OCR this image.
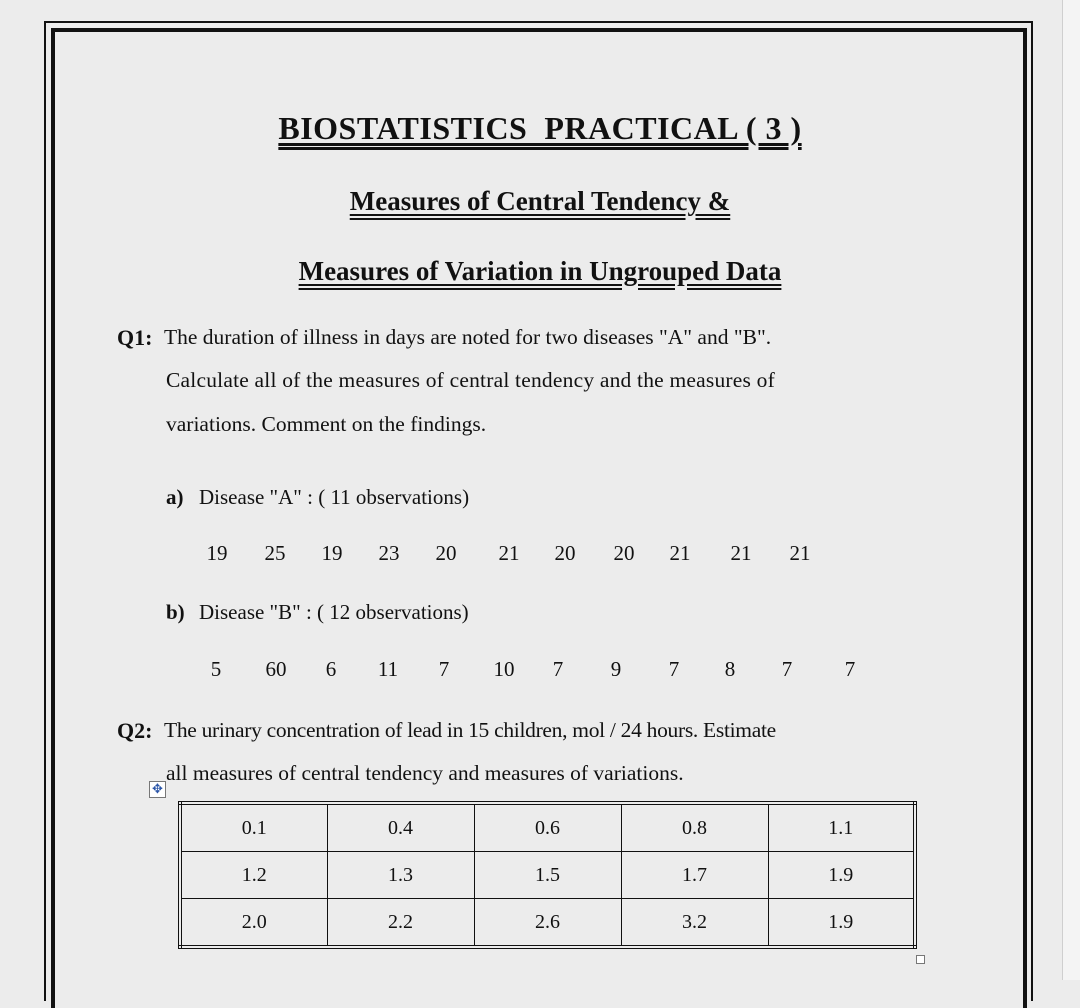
BIOSTATISTICS  PRACTICAL ( 3 )
Measures of Central Tendency &
Measures of Variation in Ungrouped Data
Q1: The duration of illness in days are noted for two diseases "A" and "B".
Calculate all of the measures of central tendency and the measures of
variations. Comment on the findings.
a) Disease "A" : ( 11 observations)
19	25	19	23	20	21	20	20	21	21	21
b) Disease "B" : ( 12 observations)
5	60	6	11	7	10	7	9	7	8	7	7
Q2: The urinary concentration of lead in 15 children, mol / 24 hours. Estimate
all measures of central tendency and measures of variations.
✥
0.1	0.4	0.6	0.8	1.1
1.2	1.3	1.5	1.7	1.9
2.0	2.2	2.6	3.2	1.9
